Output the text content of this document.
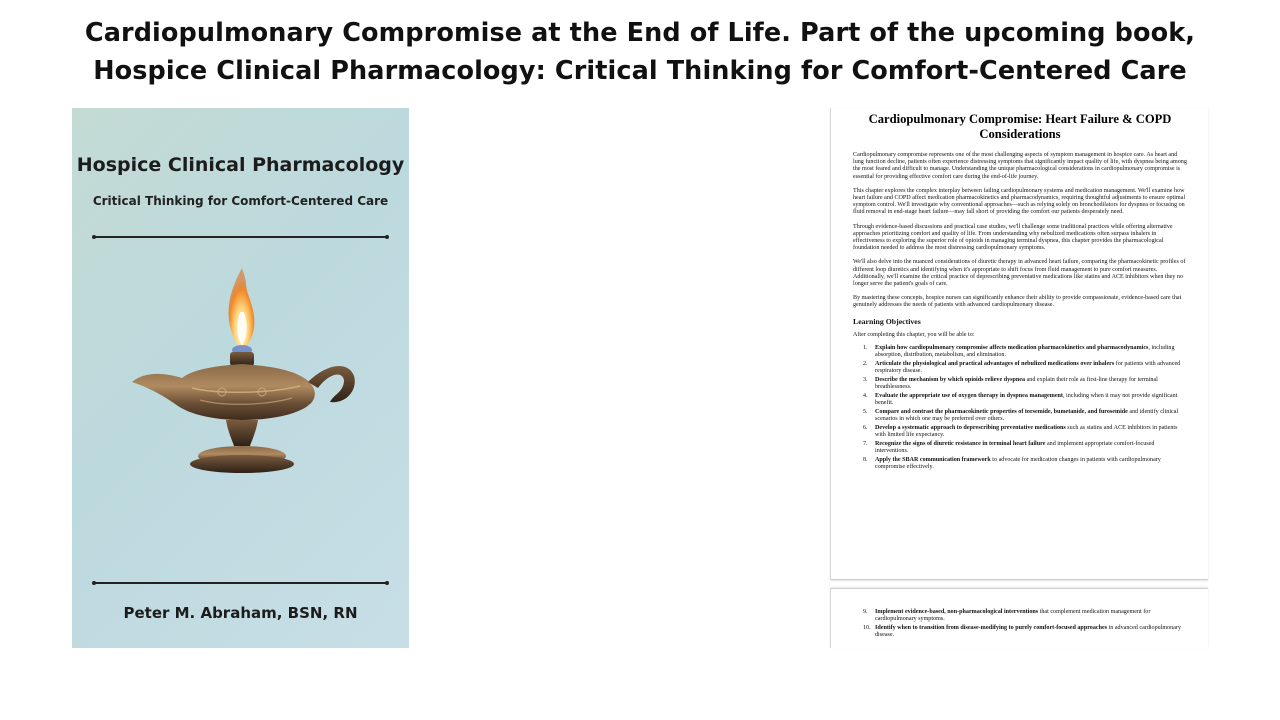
Cardiopulmonary Compromise at the End of Life. Part of the upcoming book,
Hospice Clinical Pharmacology: Critical Thinking for Comfort-Centered Care
Hospice Clinical Pharmacology
Critical Thinking for Comfort-Centered Care
Peter M. Abraham, BSN, RN
Cardiopulmonary Compromise: Heart Failure & COPD Considerations

Cardiopulmonary compromise represents one of the most challenging aspects of symptom management in hospice care. As heart and lung function decline, patients often experience distressing symptoms that significantly impact quality of life, with dyspnea being among the most feared and difficult to manage. Understanding the unique pharmacological considerations in cardiopulmonary compromise is essential for providing effective comfort care during the end-of-life journey.

This chapter explores the complex interplay between failing cardiopulmonary systems and medication management. We'll examine how heart failure and COPD affect medication pharmacokinetics and pharmacodynamics, requiring thoughtful adjustments to ensure optimal symptom control. We'll investigate why conventional approaches—such as relying solely on bronchodilators for dyspnea or focusing on fluid removal in end-stage heart failure—may fall short of providing the comfort our patients desperately need.

Through evidence-based discussions and practical case studies, we'll challenge some traditional practices while offering alternative approaches prioritizing comfort and quality of life. From understanding why nebulized medications often surpass inhalers in effectiveness to exploring the superior role of opioids in managing terminal dyspnea, this chapter provides the pharmacological foundation needed to address the most distressing cardiopulmonary symptoms.

We'll also delve into the nuanced considerations of diuretic therapy in advanced heart failure, comparing the pharmacokinetic profiles of different loop diuretics and identifying when it's appropriate to shift focus from fluid management to pure comfort measures. Additionally, we'll examine the critical practice of deprescribing preventative medications like statins and ACE inhibitors when they no longer serve the patient's goals of care.

By mastering these concepts, hospice nurses can significantly enhance their ability to provide compassionate, evidence-based care that genuinely addresses the needs of patients with advanced cardiopulmonary disease.

Learning Objectives
After completing this chapter, you will be able to:
1. Explain how cardiopulmonary compromise affects medication pharmacokinetics and pharmacodynamics, including absorption, distribution, metabolism, and elimination.
2. Articulate the physiological and practical advantages of nebulized medications over inhalers for patients with advanced respiratory disease.
3. Describe the mechanism by which opioids relieve dyspnea and explain their role as first-line therapy for terminal breathlessness.
4. Evaluate the appropriate use of oxygen therapy in dyspnea management, including when it may not provide significant benefit.
5. Compare and contrast the pharmacokinetic properties of torsemide, bumetanide, and furosemide and identify clinical scenarios in which one may be preferred over others.
6. Develop a systematic approach to deprescribing preventative medications such as statins and ACE inhibitors in patients with limited life expectancy.
7. Recognize the signs of diuretic resistance in terminal heart failure and implement appropriate comfort-focused interventions.
8. Apply the SBAR communication framework to advocate for medication changes in patients with cardiopulmonary compromise effectively.
9. Implement evidence-based, non-pharmacological interventions that complement medication management for cardiopulmonary symptoms.
10. Identify when to transition from disease-modifying to purely comfort-focused approaches in advanced cardiopulmonary disease.
